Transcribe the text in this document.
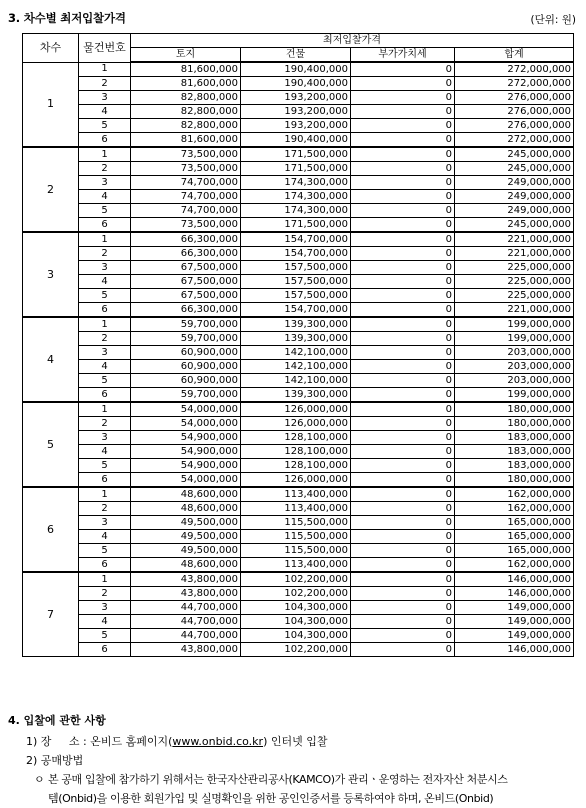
3. 차수별 최저입찰가격	(단위: 원)
차수	물건번호	최저입찰가격			
		토지	건물	부가가치세	합계
1	1	81,600,000	190,400,000	0	272,000,000
	2	81,600,000	190,400,000	0	272,000,000
	3	82,800,000	193,200,000	0	276,000,000
	4	82,800,000	193,200,000	0	276,000,000
	5	82,800,000	193,200,000	0	276,000,000
	6	81,600,000	190,400,000	0	272,000,000
2	1	73,500,000	171,500,000	0	245,000,000
	2	73,500,000	171,500,000	0	245,000,000
	3	74,700,000	174,300,000	0	249,000,000
	4	74,700,000	174,300,000	0	249,000,000
	5	74,700,000	174,300,000	0	249,000,000
	6	73,500,000	171,500,000	0	245,000,000
3	1	66,300,000	154,700,000	0	221,000,000
	2	66,300,000	154,700,000	0	221,000,000
	3	67,500,000	157,500,000	0	225,000,000
	4	67,500,000	157,500,000	0	225,000,000
	5	67,500,000	157,500,000	0	225,000,000
	6	66,300,000	154,700,000	0	221,000,000
4	1	59,700,000	139,300,000	0	199,000,000
	2	59,700,000	139,300,000	0	199,000,000
	3	60,900,000	142,100,000	0	203,000,000
	4	60,900,000	142,100,000	0	203,000,000
	5	60,900,000	142,100,000	0	203,000,000
	6	59,700,000	139,300,000	0	199,000,000
5	1	54,000,000	126,000,000	0	180,000,000
	2	54,000,000	126,000,000	0	180,000,000
	3	54,900,000	128,100,000	0	183,000,000
	4	54,900,000	128,100,000	0	183,000,000
	5	54,900,000	128,100,000	0	183,000,000
	6	54,000,000	126,000,000	0	180,000,000
6	1	48,600,000	113,400,000	0	162,000,000
	2	48,600,000	113,400,000	0	162,000,000
	3	49,500,000	115,500,000	0	165,000,000
	4	49,500,000	115,500,000	0	165,000,000
	5	49,500,000	115,500,000	0	165,000,000
	6	48,600,000	113,400,000	0	162,000,000
7	1	43,800,000	102,200,000	0	146,000,000
	2	43,800,000	102,200,000	0	146,000,000
	3	44,700,000	104,300,000	0	149,000,000
	4	44,700,000	104,300,000	0	149,000,000
	5	44,700,000	104,300,000	0	149,000,000
	6	43,800,000	102,200,000	0	146,000,000
4. 입찰에 관한 사항
1) 장     소 : 온비드 홈페이지(www.onbid.co.kr) 인터넷 입찰
2) 공매방법
ㅇ 본 공매 입찰에 참가하기 위해서는 한국자산관리공사(KAMCO)가 관리ㆍ운영하는 전자자산 처분시스
템(Onbid)을 이용한 회원가입 및 실명확인을 위한 공인인증서를 등록하여야 하며, 온비드(Onbid)
